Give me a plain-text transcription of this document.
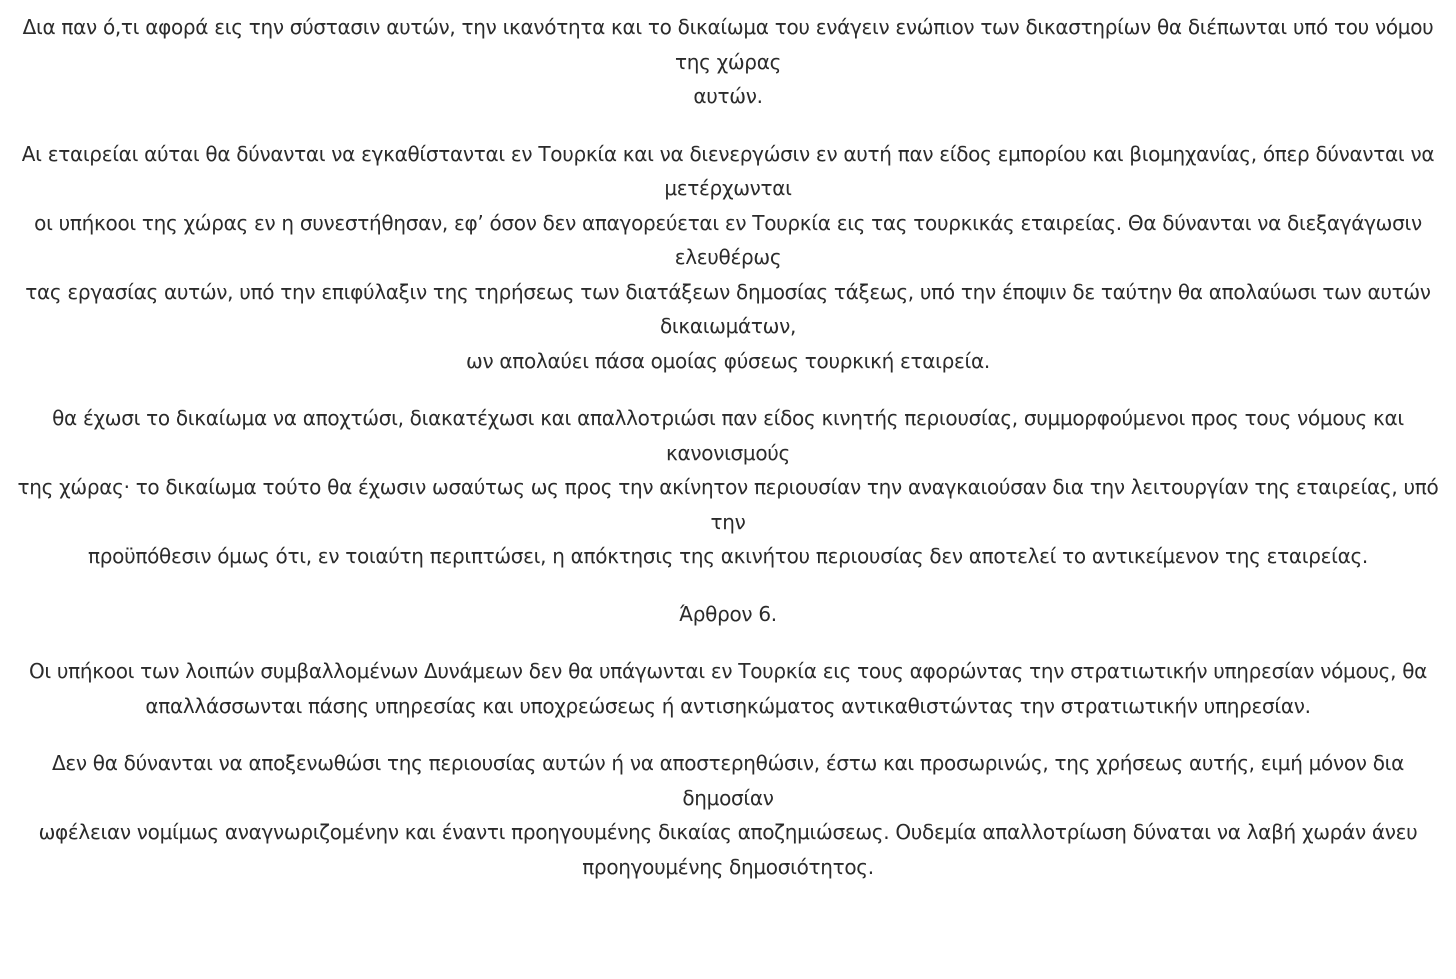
Δια παν ό,τι αφορά εις την σύστασιν αυτών, την ικανότητα και το δικαίωμα του ενάγειν ενώπιον των δικαστηρίων θα διέπωνται υπό του νόμου της χώρας
αυτών.

Αι εταιρείαι αύται θα δύνανται να εγκαθίστανται εν Τουρκία και να διενεργώσιν εν αυτή παν είδος εμπορίου και βιομηχανίας, όπερ δύνανται να μετέρχωνται
οι υπήκοοι της χώρας εν η συνεστήθησαν, εφ’ όσον δεν απαγορεύεται εν Τουρκία εις τας τουρκικάς εταιρείας. Θα δύνανται να διεξαγάγωσιν ελευθέρως
τας εργασίας αυτών, υπό την επιφύλαξιν της τηρήσεως των διατάξεων δημοσίας τάξεως, υπό την έποψιν δε ταύτην θα απολαύωσι των αυτών δικαιωμάτων,
ων απολαύει πάσα ομοίας φύσεως τουρκική εταιρεία.

θα έχωσι το δικαίωμα να αποχτώσι, διακατέχωσι και απαλλοτριώσι παν είδος κινητής περιουσίας, συμμορφούμενοι προς τους νόμους και κανονισμούς
της χώρας· το δικαίωμα τούτο θα έχωσιν ωσαύτως ως προς την ακίνητον περιουσίαν την αναγκαιούσαν δια την λειτουργίαν της εταιρείας, υπό την
προϋπόθεσιν όμως ότι, εν τοιαύτη περιπτώσει, η απόκτησις της ακινήτου περιουσίας δεν αποτελεί το αντικείμενον της εταιρείας.

Άρθρον 6.

Οι υπήκοοι των λοιπών συμβαλλομένων Δυνάμεων δεν θα υπάγωνται εν Τουρκία εις τους αφορώντας την στρατιωτικήν υπηρεσίαν νόμους, θα
απαλλάσσωνται πάσης υπηρεσίας και υποχρεώσεως ή αντισηκώματος αντικαθιστώντας την στρατιωτικήν υπηρεσίαν.

Δεν θα δύνανται να αποξενωθώσι της περιουσίας αυτών ή να αποστερηθώσιν, έστω και προσωρινώς, της χρήσεως αυτής, ειμή μόνον δια δημοσίαν
ωφέλειαν νομίμως αναγνωριζομένην και έναντι προηγουμένης δικαίας αποζημιώσεως. Ουδεμία απαλλοτρίωση δύναται να λαβή χωράν άνευ
προηγουμένης δημοσιότητος.
